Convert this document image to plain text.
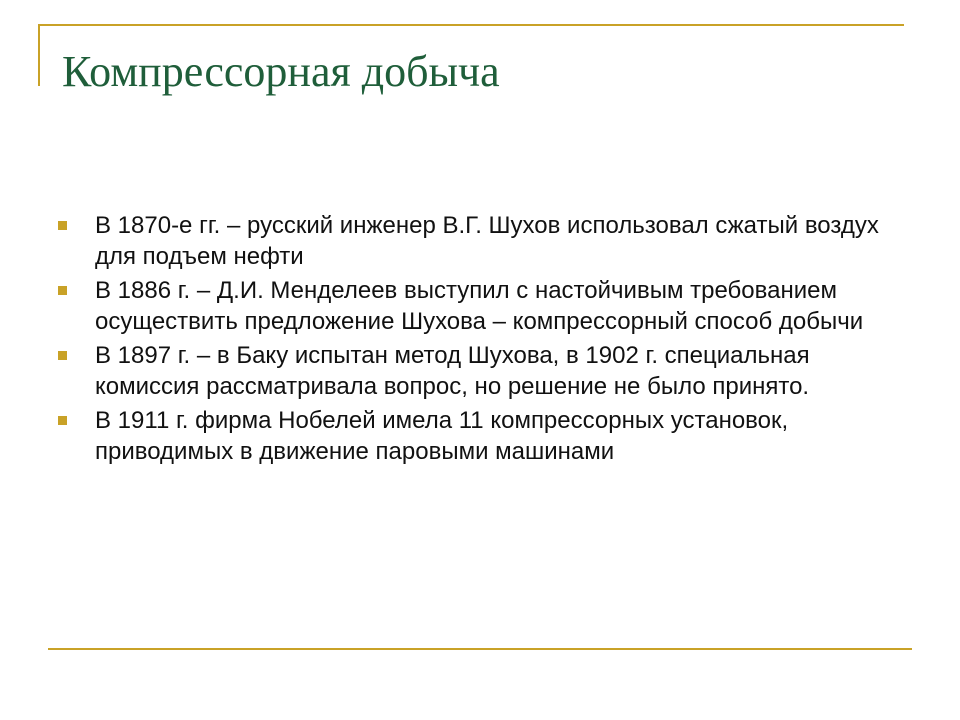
Компрессорная добыча
В 1870-е гг. – русский инженер В.Г. Шухов использовал сжатый воздух для подъем нефти
В 1886 г. – Д.И. Менделеев выступил с настойчивым требованием осуществить предложение Шухова – компрессорный способ добычи
В 1897 г. – в Баку испытан метод Шухова, в 1902 г. специальная комиссия рассматривала вопрос, но решение не было принято.
В 1911 г. фирма Нобелей имела 11 компрессорных установок, приводимых в движение паровыми машинами
